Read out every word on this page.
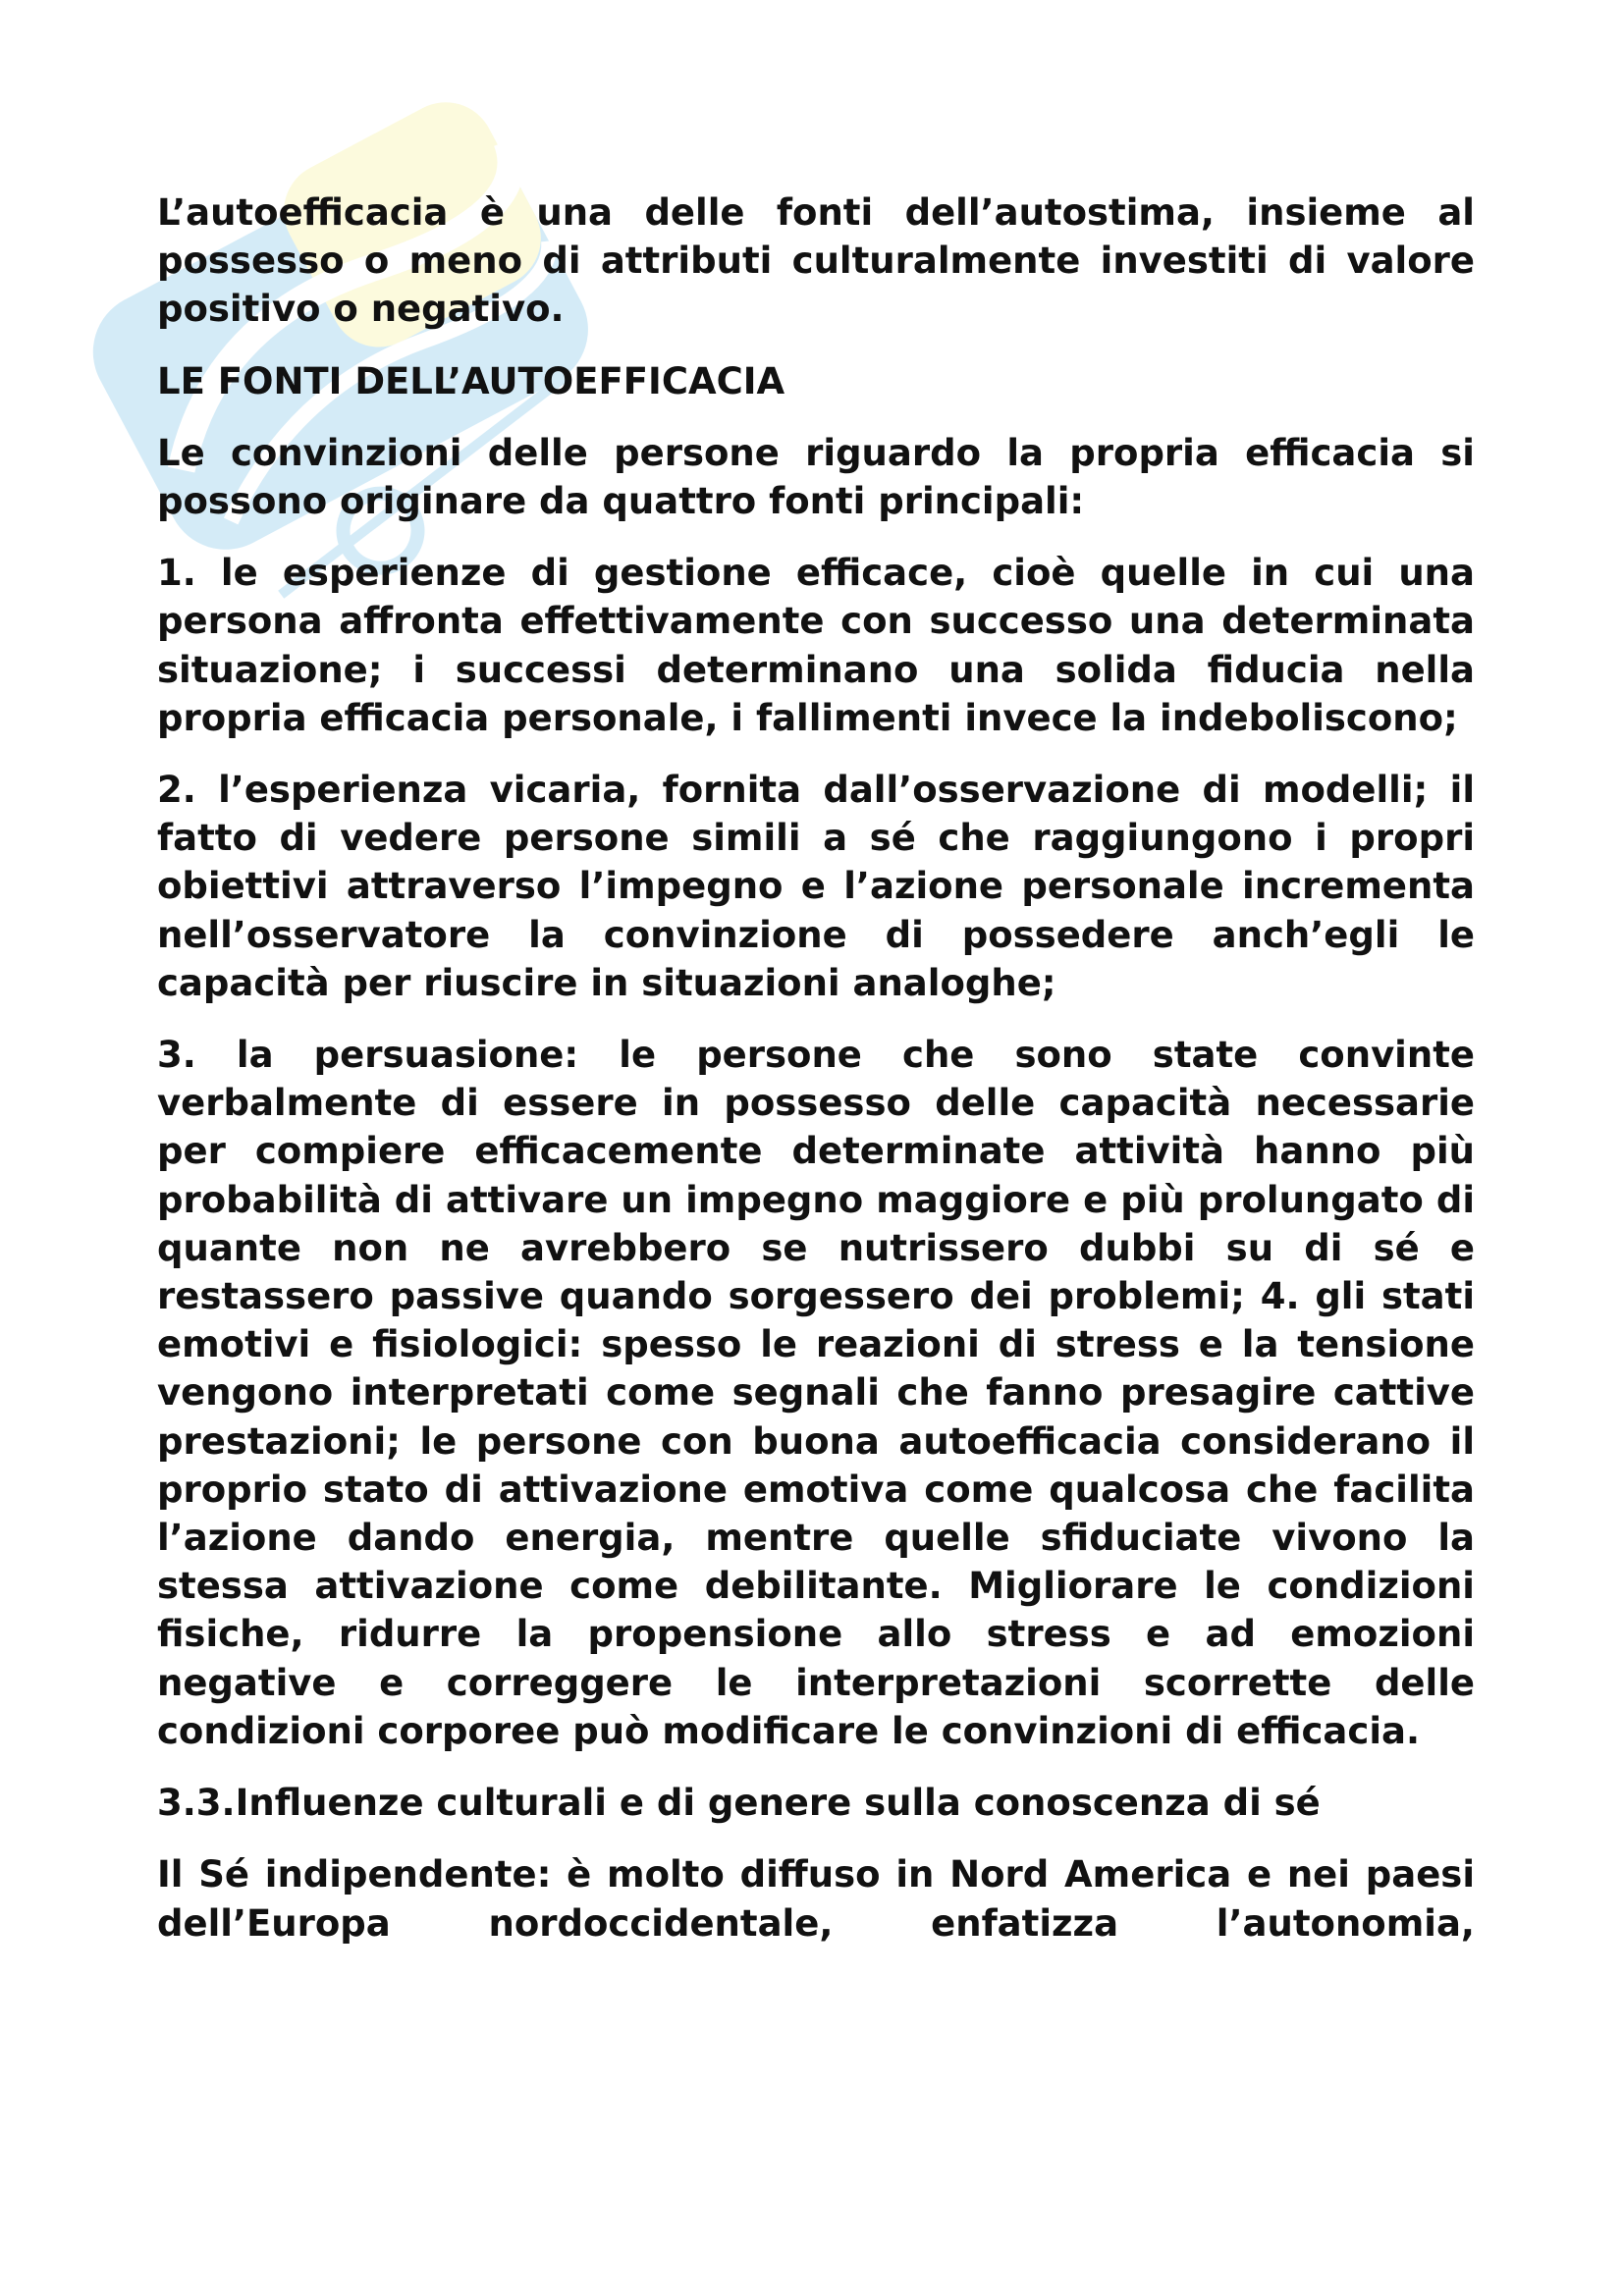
L’autoefficacia è una delle fonti dell’autostima, insieme al possesso o meno di attributi culturalmente investiti di valore positivo o negativo.

LE FONTI DELL’AUTOEFFICACIA

Le convinzioni delle persone riguardo la propria efficacia si possono originare da quattro fonti principali:

1. le esperienze di gestione efficace, cioè quelle in cui una persona affronta effettivamente con successo una determinata situazione; i successi determinano una solida fiducia nella propria efficacia personale, i fallimenti invece la indeboliscono;

2. l’esperienza vicaria, fornita dall’osservazione di modelli; il fatto di vedere persone simili a sé che raggiungono i propri obiettivi attraverso l’impegno e l’azione personale incrementa nell’osservatore la convinzione di possedere anch’egli le capacità per riuscire in situazioni analoghe;

3. la persuasione: le persone che sono state convinte verbalmente di essere in possesso delle capacità necessarie per compiere efficacemente determinate attività hanno più probabilità di attivare un impegno maggiore e più prolungato di quante non ne avrebbero se nutrissero dubbi su di sé e restassero passive quando sorgessero dei problemi; 4. gli stati emotivi e fisiologici: spesso le reazioni di stress e la tensione vengono interpretati come segnali che fanno presagire cattive prestazioni; le persone con buona autoefficacia considerano il proprio stato di attivazione emotiva come qualcosa che facilita l’azione dando energia, mentre quelle sfiduciate vivono la stessa attivazione come debilitante. Migliorare le condizioni fisiche, ridurre la propensione allo stress e ad emozioni negative e correggere le interpretazioni scorrette delle condizioni corporee può modificare le convinzioni di efficacia.

3.3.Influenze culturali e di genere sulla conoscenza di sé

Il Sé indipendente: è molto diffuso in Nord America e nei paesi dell’Europa nordoccidentale, enfatizza l’autonomia,
